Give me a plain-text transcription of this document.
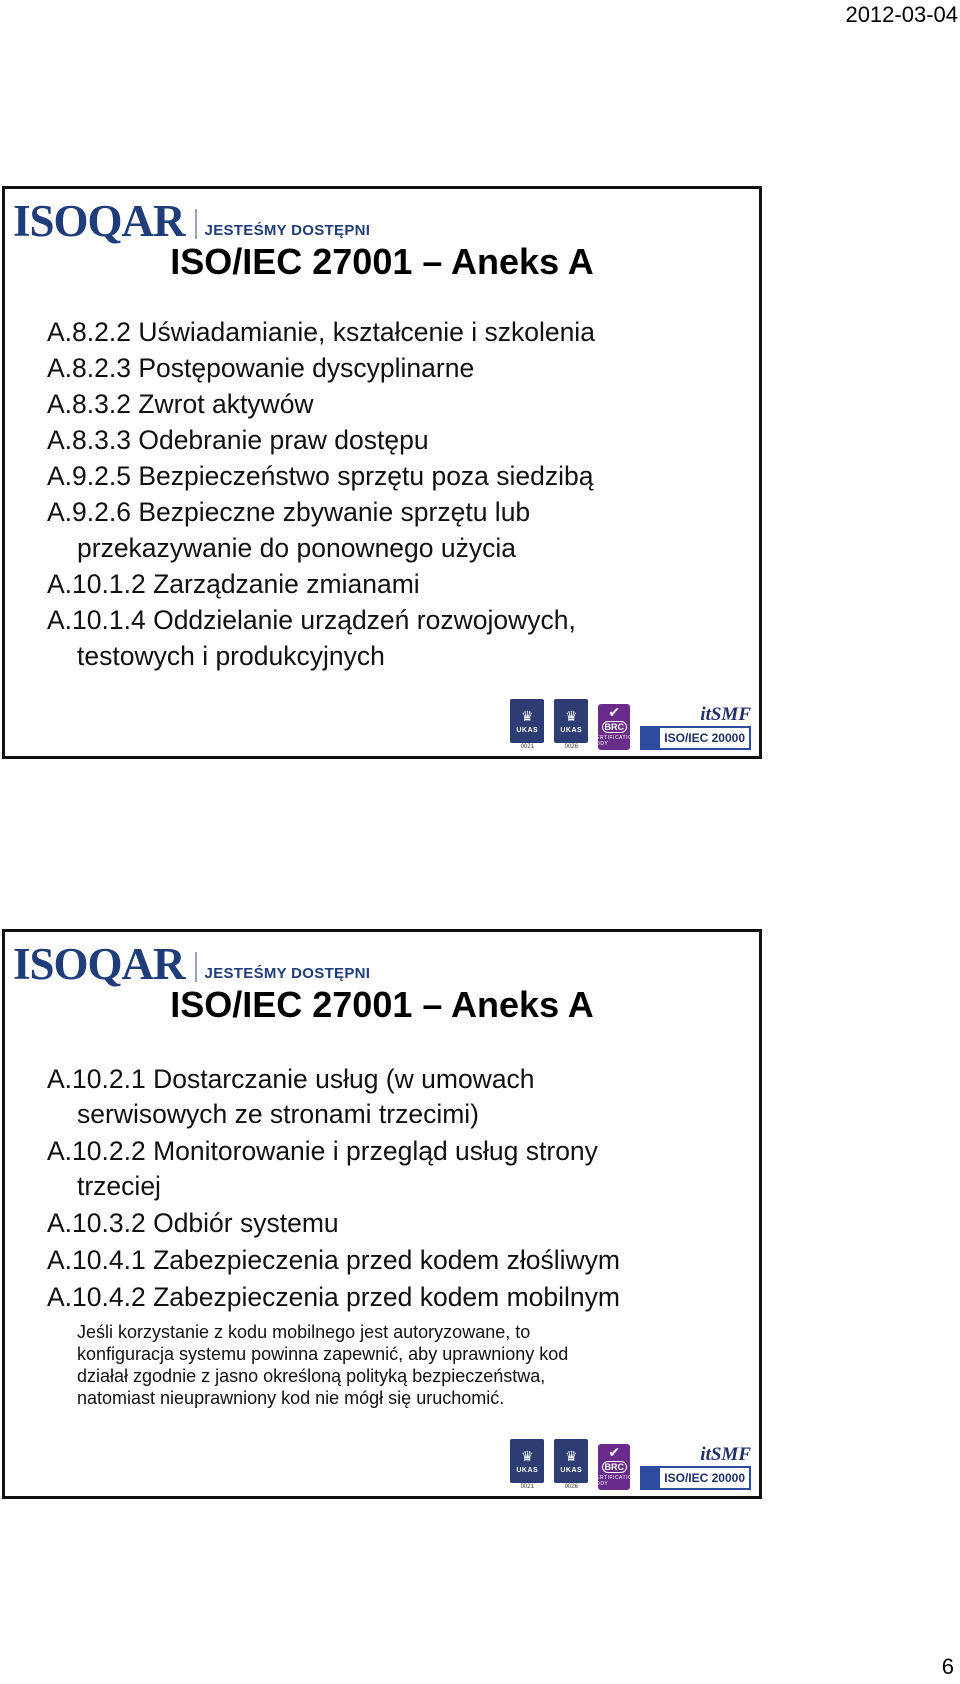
2012-03-04
ISOQAR JESTEŚMY DOSTĘPNI
ISO/IEC 27001 – Aneks A
A.8.2.2 Uświadamianie, kształcenie i szkolenia
A.8.2.3 Postępowanie dyscyplinarne
A.8.3.2 Zwrot aktywów
A.8.3.3 Odebranie praw dostępu
A.9.2.5 Bezpieczeństwo sprzętu poza siedzibą
A.9.2.6 Bezpieczne zbywanie sprzętu lub
przekazywanie do ponownego użycia
A.10.1.2 Zarządzanie zmianami
A.10.1.4 Oddzielanie urządzeń rozwojowych,
testowych i produkcyjnych
♛
UKAS
0021
♛
UKAS
0026
✔
BRC
CERTIFICATION BODY
itSMF
ISO/IEC 20000
ISOQAR JESTEŚMY DOSTĘPNI
ISO/IEC 27001 – Aneks A
A.10.2.1 Dostarczanie usług (w umowach
serwisowych ze stronami trzecimi)
A.10.2.2 Monitorowanie i przegląd usług strony
trzeciej
A.10.3.2 Odbiór systemu
A.10.4.1 Zabezpieczenia przed kodem złośliwym
A.10.4.2 Zabezpieczenia przed kodem mobilnym
Jeśli korzystanie z kodu mobilnego jest autoryzowane, to
konfiguracja systemu powinna zapewnić, aby uprawniony kod
działał zgodnie z jasno określoną polityką bezpieczeństwa,
natomiast nieuprawniony kod nie mógł się uruchomić.
♛
UKAS
0021
♛
UKAS
0026
✔
BRC
CERTIFICATION BODY
itSMF
ISO/IEC 20000
6
